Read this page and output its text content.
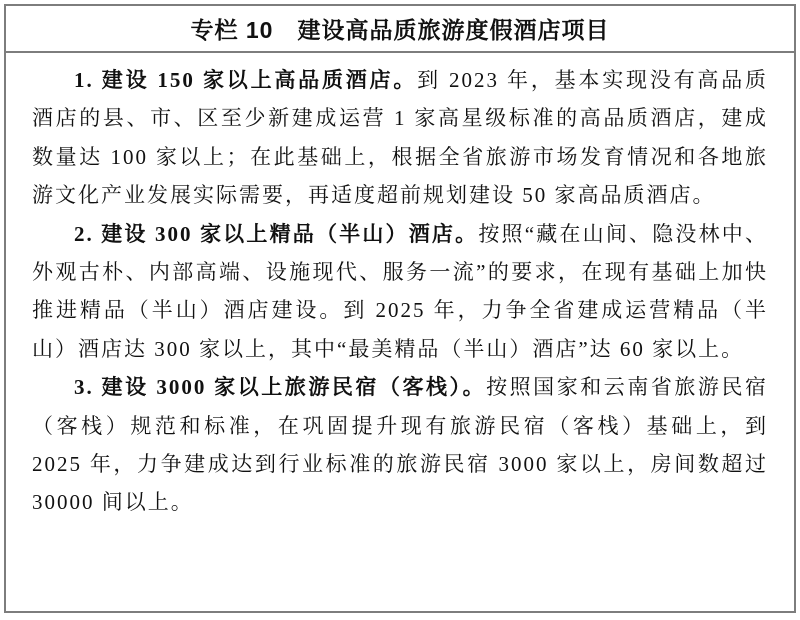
专栏 10　建设高品质旅游度假酒店项目

1. 建设 150 家以上高品质酒店。到 2023 年，基本实现没有高品质酒店的县、市、区至少新建成运营 1 家高星级标准的高品质酒店，建成数量达 100 家以上；在此基础上，根据全省旅游市场发育情况和各地旅游文化产业发展实际需要，再适度超前规划建设 50 家高品质酒店。

2. 建设 300 家以上精品（半山）酒店。按照“藏在山间、隐没林中、外观古朴、内部高端、设施现代、服务一流”的要求，在现有基础上加快推进精品（半山）酒店建设。到 2025 年，力争全省建成运营精品（半山）酒店达 300 家以上，其中“最美精品（半山）酒店”达 60 家以上。

3. 建设 3000 家以上旅游民宿（客栈）。按照国家和云南省旅游民宿（客栈）规范和标准，在巩固提升现有旅游民宿（客栈）基础上，到 2025 年，力争建成达到行业标准的旅游民宿 3000 家以上，房间数超过 30000 间以上。
